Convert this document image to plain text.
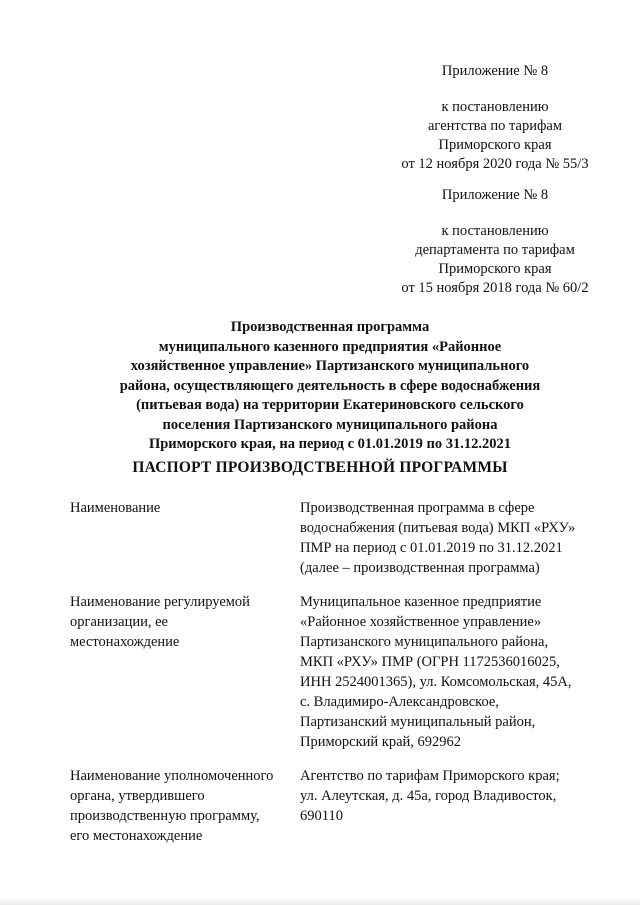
Приложение № 8
к постановлению
агентства по тарифам
Приморского края
от 12 ноября 2020 года № 55/3
Приложение № 8
к постановлению
департамента по тарифам
Приморского края
от 15 ноября 2018 года № 60/2
Производственная программа
муниципального казенного предприятия «Районное
хозяйственное управление» Партизанского муниципального
района, осуществляющего деятельность в сфере водоснабжения
(питьевая вода) на территории Екатериновского сельского
поселения Партизанского муниципального района
Приморского края, на период с 01.01.2019 по 31.12.2021
ПАСПОРТ ПРОИЗВОДСТВЕННОЙ ПРОГРАММЫ
Наименование	Производственная программа в сфере
водоснабжения (питьевая вода) МКП «РХУ»
ПМР на период с 01.01.2019 по 31.12.2021
(далее – производственная программа)
Наименование регулируемой
организации, ее
местонахождение
Муниципальное казенное предприятие
«Районное хозяйственное управление»
Партизанского муниципального района,
МКП «РХУ» ПМР (ОГРН 1172536016025,
ИНН 2524001365), ул. Комсомольская, 45А,
с. Владимиро-Александровское,
Партизанский муниципальный район,
Приморский край, 692962
Наименование уполномоченного
органа, утвердившего
производственную программу,
его местонахождение
Агентство по тарифам Приморского края;
ул. Алеутская, д. 45а, город Владивосток,
690110
